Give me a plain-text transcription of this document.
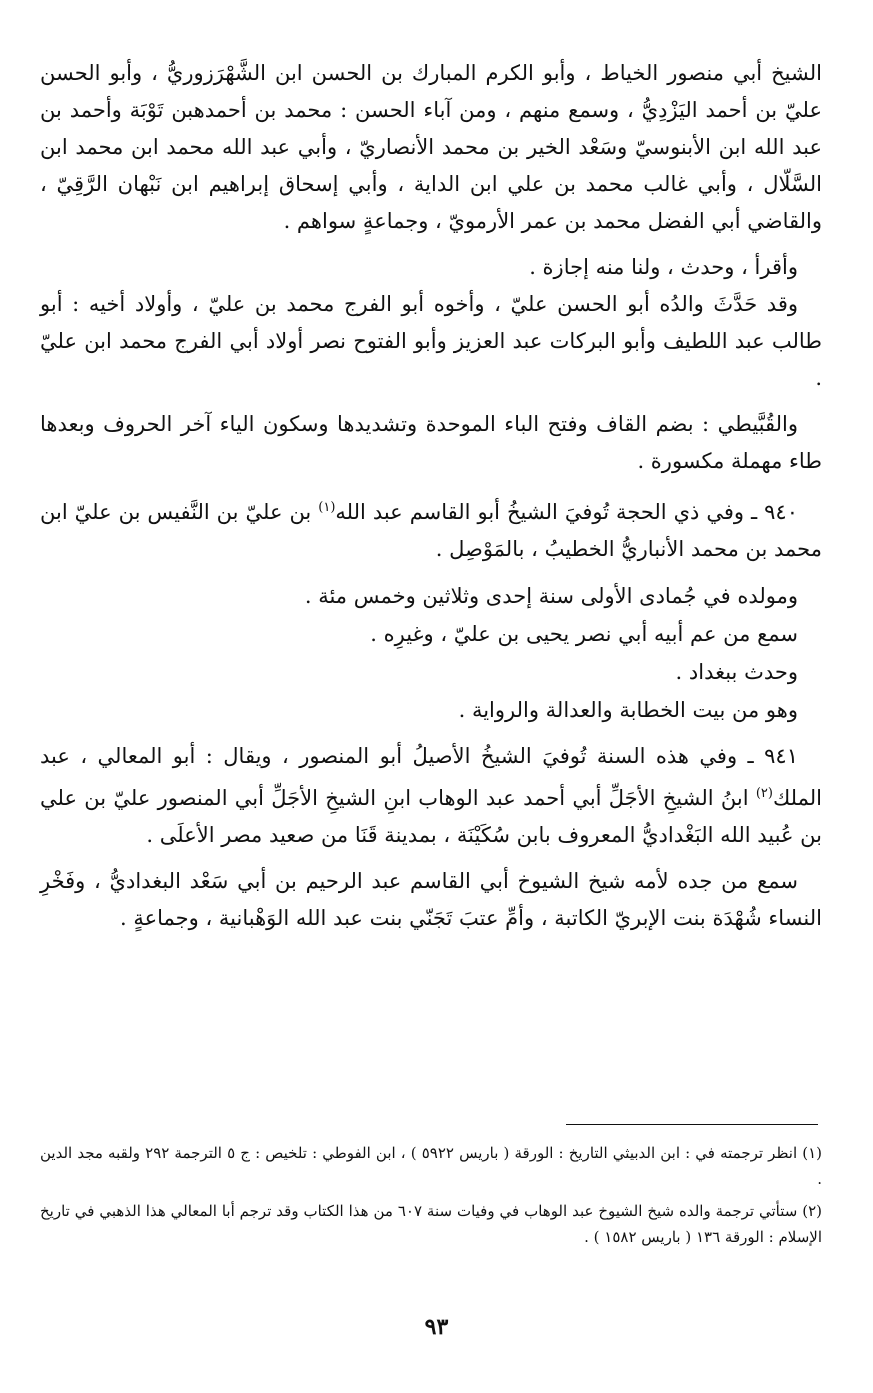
الشيخ أبي منصور الخياط ، وأبو الكرم المبارك بن الحسن ابن الشَّهْرَزوريُّ ، وأبو الحسن عليّ بن أحمد اليَزْدِيُّ ، وسمع منهم ، ومن آباء الحسن : محمد بن أحمدهبن تَوْبَة وأحمد بن عبد الله ابن الأبنوسيّ وسَعْد الخير بن محمد الأنصاريّ ، وأبي عبد الله محمد ابن محمد ابن السَّلّال ، وأبي غالب محمد بن علي ابن الداية ، وأبي إسحاق إبراهيم ابن نَبْهان الرَّقِيّ ، والقاضي أبي الفضل محمد بن عمر الأرمويّ ، وجماعةٍ سواهم .

وأقرأ ، وحدث ، ولنا منه إجازة .

وقد حَدَّثَ والدُه أبو الحسن عليّ ، وأخوه أبو الفرج محمد بن عليّ ، وأولاد أخيه : أبو طالب عبد اللطيف وأبو البركات عبد العزيز وأبو الفتوح نصر أولاد أبي الفرج محمد ابن عليّ .

والقُبَّيطي : بضم القاف وفتح الباء الموحدة وتشديدها وسكون الياء آخر الحروف وبعدها طاء مهملة مكسورة .

٩٤٠ ـ وفي ذي الحجة تُوفيَ الشيخُ أبو القاسم عبد الله$^{(١)}$ بن عليّ بن النَّفيس بن عليّ ابن محمد بن محمد الأنباريُّ الخطيبُ ، بالمَوْصِل .

ومولده في جُمادى الأولى سنة إحدى وثلاثين وخمس مئة .

سمع من عم أبيه أبي نصر يحيى بن عليّ ، وغيرِه .

وحدث ببغداد .

وهو من بيت الخطابة والعدالة والرواية .

٩٤١ ـ وفي هذه السنة تُوفيَ الشيخُ الأصيلُ أبو المنصور ، ويقال : أبو المعالي ، عبد الملك$^{(٢)}$ ابنُ الشيخِ الأجَلِّ أبي أحمد عبد الوهاب ابنِ الشيخِ الأجَلِّ أبي المنصور عليّ بن علي بن عُبيد الله البَغْداديُّ المعروف بابن سُكَيْنَة ، بمدينة قَنَا من صعيد مصر الأعلَى .

سمع من جده لأمه شيخ الشيوخ أبي القاسم عبد الرحيم بن أبي سَعْد البغداديُّ ، وفَخْرِ النساء شُهْدَة بنت الإبريّ الكاتبة ، وأمِّ عتبَ تَجَنّي بنت عبد الله الوَهْبانية ، وجماعةٍ .

(١) انظر ترجمته في : ابن الدبيثي التاريخ : الورقة ( باريس ٥٩٢٢ ) ، ابن الفوطي : تلخيص : ج ٥ الترجمة ٢٩٢ ولقبه مجد الدين .

(٢) ستأتي ترجمة والده شيخ الشيوخ عبد الوهاب في وفيات سنة ٦٠٧ من هذا الكتاب وقد ترجم أبا المعالي هذا الذهبي في تاريخ الإسلام : الورقة ١٣٦ ( باريس ١٥٨٢ ) .

٩٣
